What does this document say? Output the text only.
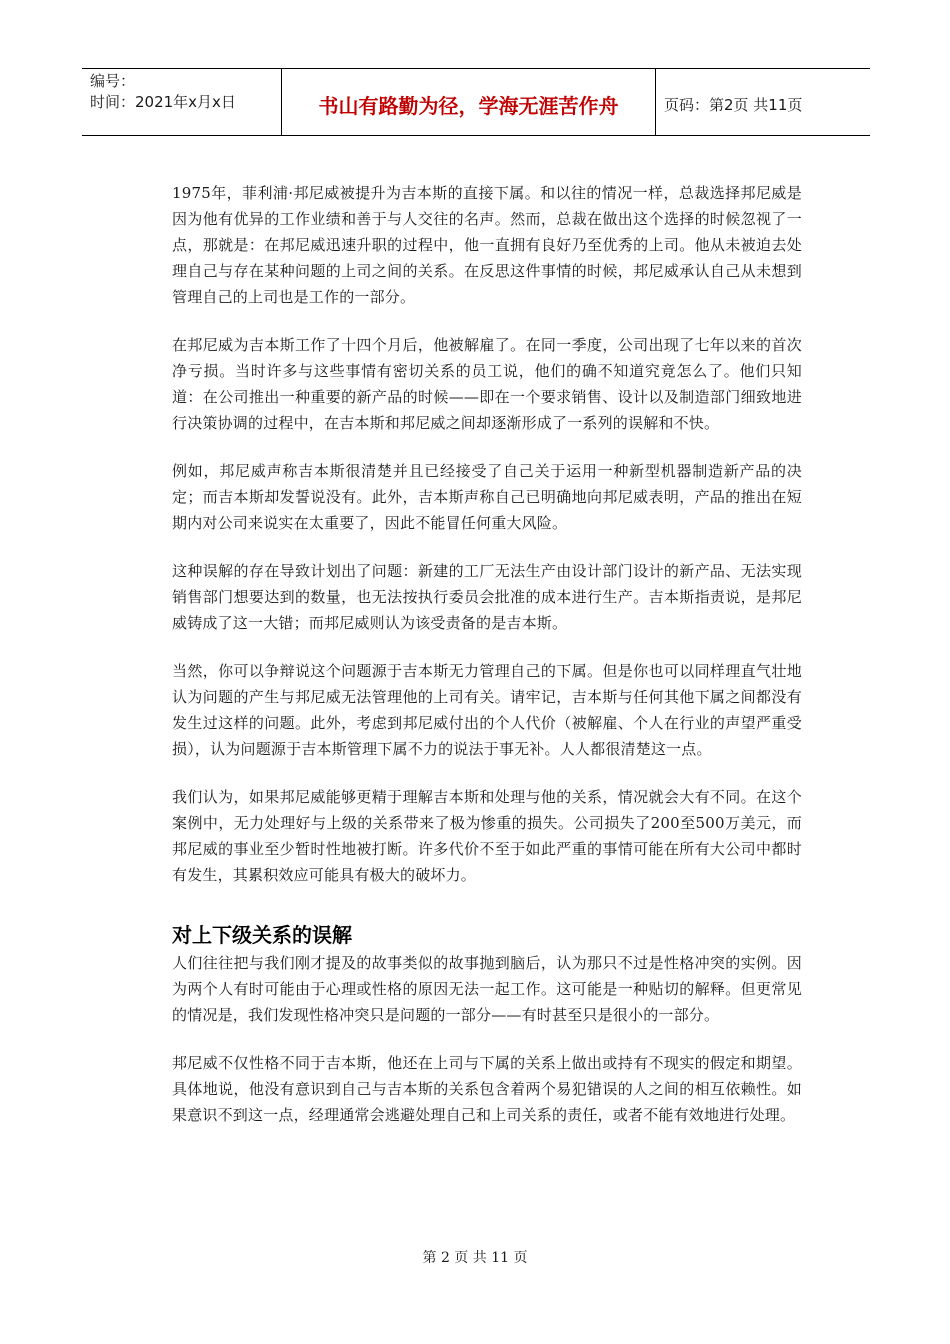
编号：
时间：2021年x月x日	书山有路勤为径，学海无涯苦作舟	页码：第2页 共11页

1975年，菲利浦·邦尼威被提升为吉本斯的直接下属。和以往的情况一样，总裁选择邦尼威是因为他有优异的工作业绩和善于与人交往的名声。然而，总裁在做出这个选择的时候忽视了一点，那就是：在邦尼威迅速升职的过程中，他一直拥有良好乃至优秀的上司。他从未被迫去处理自己与存在某种问题的上司之间的关系。在反思这件事情的时候，邦尼威承认自己从未想到管理自己的上司也是工作的一部分。

在邦尼威为吉本斯工作了十四个月后，他被解雇了。在同一季度，公司出现了七年以来的首次净亏损。当时许多与这些事情有密切关系的员工说，他们的确不知道究竟怎么了。他们只知道：在公司推出一种重要的新产品的时候——即在一个要求销售、设计以及制造部门细致地进行决策协调的过程中，在吉本斯和邦尼威之间却逐渐形成了一系列的误解和不快。

例如，邦尼威声称吉本斯很清楚并且已经接受了自己关于运用一种新型机器制造新产品的决定；而吉本斯却发誓说没有。此外，吉本斯声称自己已明确地向邦尼威表明，产品的推出在短期内对公司来说实在太重要了，因此不能冒任何重大风险。

这种误解的存在导致计划出了问题：新建的工厂无法生产由设计部门设计的新产品、无法实现销售部门想要达到的数量，也无法按执行委员会批准的成本进行生产。吉本斯指责说，是邦尼威铸成了这一大错；而邦尼威则认为该受责备的是吉本斯。

当然，你可以争辩说这个问题源于吉本斯无力管理自己的下属。但是你也可以同样理直气壮地认为问题的产生与邦尼威无法管理他的上司有关。请牢记，吉本斯与任何其他下属之间都没有发生过这样的问题。此外，考虑到邦尼威付出的个人代价（被解雇、个人在行业的声望严重受损），认为问题源于吉本斯管理下属不力的说法于事无补。人人都很清楚这一点。

我们认为，如果邦尼威能够更精于理解吉本斯和处理与他的关系，情况就会大有不同。在这个案例中，无力处理好与上级的关系带来了极为惨重的损失。公司损失了200至500万美元，而邦尼威的事业至少暂时性地被打断。许多代价不至于如此严重的事情可能在所有大公司中都时有发生，其累积效应可能具有极大的破坏力。

对上下级关系的误解

人们往往把与我们刚才提及的故事类似的故事抛到脑后，认为那只不过是性格冲突的实例。因为两个人有时可能由于心理或性格的原因无法一起工作。这可能是一种贴切的解释。但更常见的情况是，我们发现性格冲突只是问题的一部分——有时甚至只是很小的一部分。

邦尼威不仅性格不同于吉本斯，他还在上司与下属的关系上做出或持有不现实的假定和期望。具体地说，他没有意识到自己与吉本斯的关系包含着两个易犯错误的人之间的相互依赖性。如果意识不到这一点，经理通常会逃避处理自己和上司关系的责任，或者不能有效地进行处理。

第 2 页 共 11 页
